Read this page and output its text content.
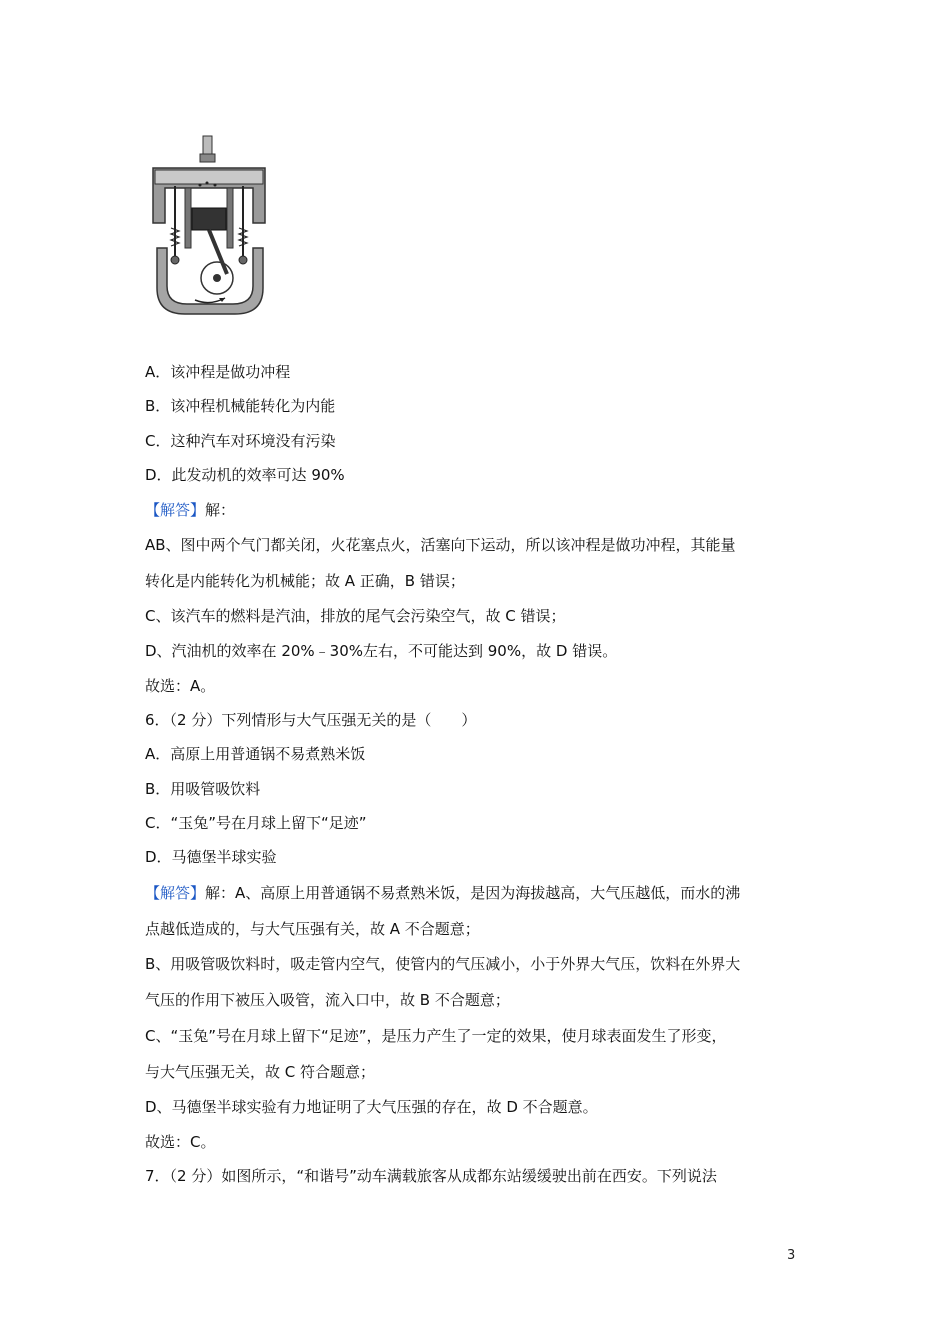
A．该冲程是做功冲程
B．该冲程机械能转化为内能
C．这种汽车对环境没有污染
D．此发动机的效率可达 90%
【解答】解：
AB、图中两个气门都关闭，火花塞点火，活塞向下运动，所以该冲程是做功冲程，其能量
转化是内能转化为机械能；故 A 正确，B 错误；
C、该汽车的燃料是汽油，排放的尾气会污染空气，故 C 错误；
D、汽油机的效率在 20%﹣30%左右，不可能达到 90%，故 D 错误。
故选：A。
6．（2 分）下列情形与大气压强无关的是（　　）
A．高原上用普通锅不易煮熟米饭
B．用吸管吸饮料
C．“玉兔”号在月球上留下“足迹”
D．马德堡半球实验
【解答】解：A、高原上用普通锅不易煮熟米饭，是因为海拔越高，大气压越低，而水的沸
点越低造成的，与大气压强有关，故 A 不合题意；
B、用吸管吸饮料时，吸走管内空气，使管内的气压减小，小于外界大气压，饮料在外界大
气压的作用下被压入吸管，流入口中，故 B 不合题意；
C、“玉兔”号在月球上留下“足迹”，是压力产生了一定的效果，使月球表面发生了形变，
与大气压强无关，故 C 符合题意；
D、马德堡半球实验有力地证明了大气压强的存在，故 D 不合题意。
故选：C。
7．（2 分）如图所示，“和谐号”动车满载旅客从成都东站缓缓驶出前在西安。下列说法
3
